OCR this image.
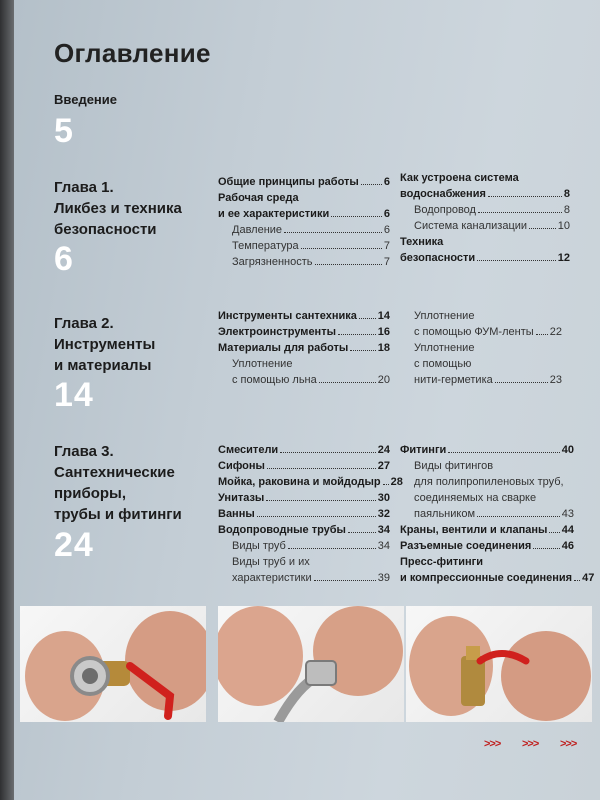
Оглавление
Введение
5
Глава 1.
Ликбез и техника
безопасности
6
Общие принципы работы 6
Рабочая среда
и ее характеристики	6
Давление	6
Температура	7
Загрязненность	7
Как устроена система
водоснабжения	8
Водопровод	8
Система канализации	10
Техника
безопасности	12
Глава 2.
Инструменты
и материалы
14
Инструменты сантехника 14
Электроинструменты	16
Материалы для работы	18
Уплотнение
с помощью льна	20
Уплотнение
с помощью ФУМ-ленты 22
Уплотнение
с помощью
нити-герметика	23
Глава 3.
Сантехнические
приборы,
трубы и фитинги
24
Смесители	24
Сифоны	27
Мойка, раковина и мойдодыр 28
Унитазы	30
Ванны	32
Водопроводные трубы	34
Виды труб	34
Виды труб и их
характеристики	39
Фитинги	40
Виды фитингов
для полипропиленовых труб,
соединяемых на сварке
паяльником	43
Краны, вентили и клапаны 44
Разъемные соединения	46
Пресс-фитинги
и компрессионные соединения 47
>>> >>> >>>
